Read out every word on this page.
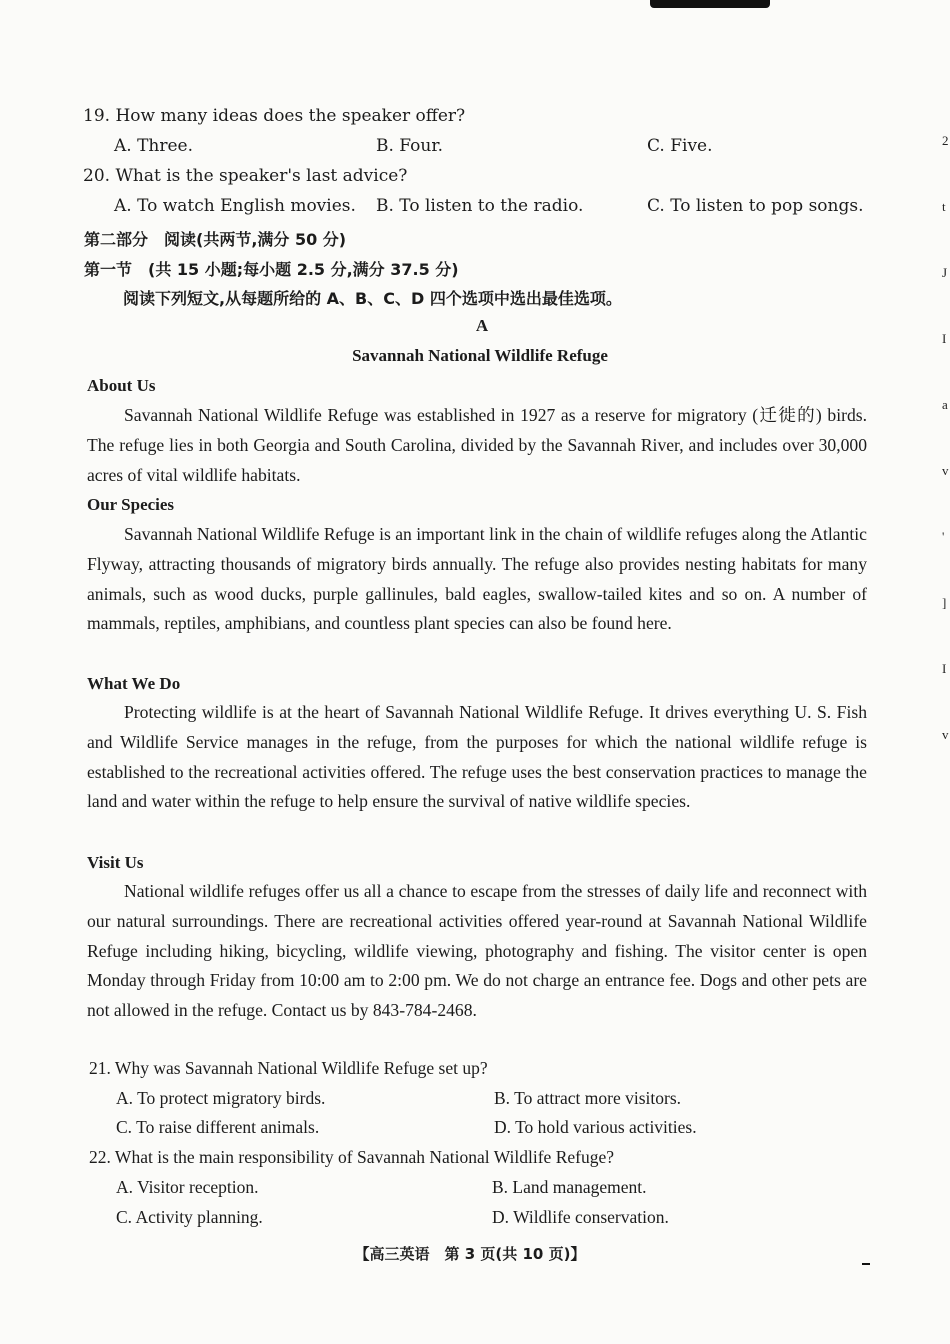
2
t
J
I
a
v
'
]
I
v
19. How many ideas does the speaker offer?
A. Three.	B. Four.	C. Five.
20. What is the speaker's last advice?
A. To watch English movies. B. To listen to the radio.	C. To listen to pop songs.
第二部分　阅读(共两节,满分 50 分)
第一节　(共 15 小题;每小题 2.5 分,满分 37.5 分)
阅读下列短文,从每题所给的 A、B、C、D 四个选项中选出最佳选项。
A
Savannah National Wildlife Refuge
About Us
Savannah National Wildlife Refuge was established in 1927 as a reserve for migratory (迁徙的) birds. The refuge lies in both Georgia and South Carolina, divided by the Savannah River, and includes over 30,000 acres of vital wildlife habitats.
Our Species
Savannah National Wildlife Refuge is an important link in the chain of wildlife refuges along the Atlantic Flyway, attracting thousands of migratory birds annually. The refuge also provides nesting habitats for many animals, such as wood ducks, purple gallinules, bald eagles, swallow-tailed kites and so on. A number of mammals, reptiles, amphibians, and countless plant species can also be found here.
What We Do
Protecting wildlife is at the heart of Savannah National Wildlife Refuge. It drives everything U. S. Fish and Wildlife Service manages in the refuge, from the purposes for which the national wildlife refuge is established to the recreational activities offered. The refuge uses the best conservation practices to manage the land and water within the refuge to help ensure the survival of native wildlife species.
Visit Us
National wildlife refuges offer us all a chance to escape from the stresses of daily life and reconnect with our natural surroundings. There are recreational activities offered year-round at Savannah National Wildlife Refuge including hiking, bicycling, wildlife viewing, photography and fishing. The visitor center is open Monday through Friday from 10:00 am to 2:00 pm. We do not charge an entrance fee. Dogs and other pets are not allowed in the refuge. Contact us by 843-784-2468.
21. Why was Savannah National Wildlife Refuge set up?
A. To protect migratory birds.	B. To attract more visitors.
C. To raise different animals.	D. To hold various activities.
22. What is the main responsibility of Savannah National Wildlife Refuge?
A. Visitor reception.	B. Land management.
C. Activity planning.	D. Wildlife conservation.
【高三英语　第 3 页(共 10 页)】
